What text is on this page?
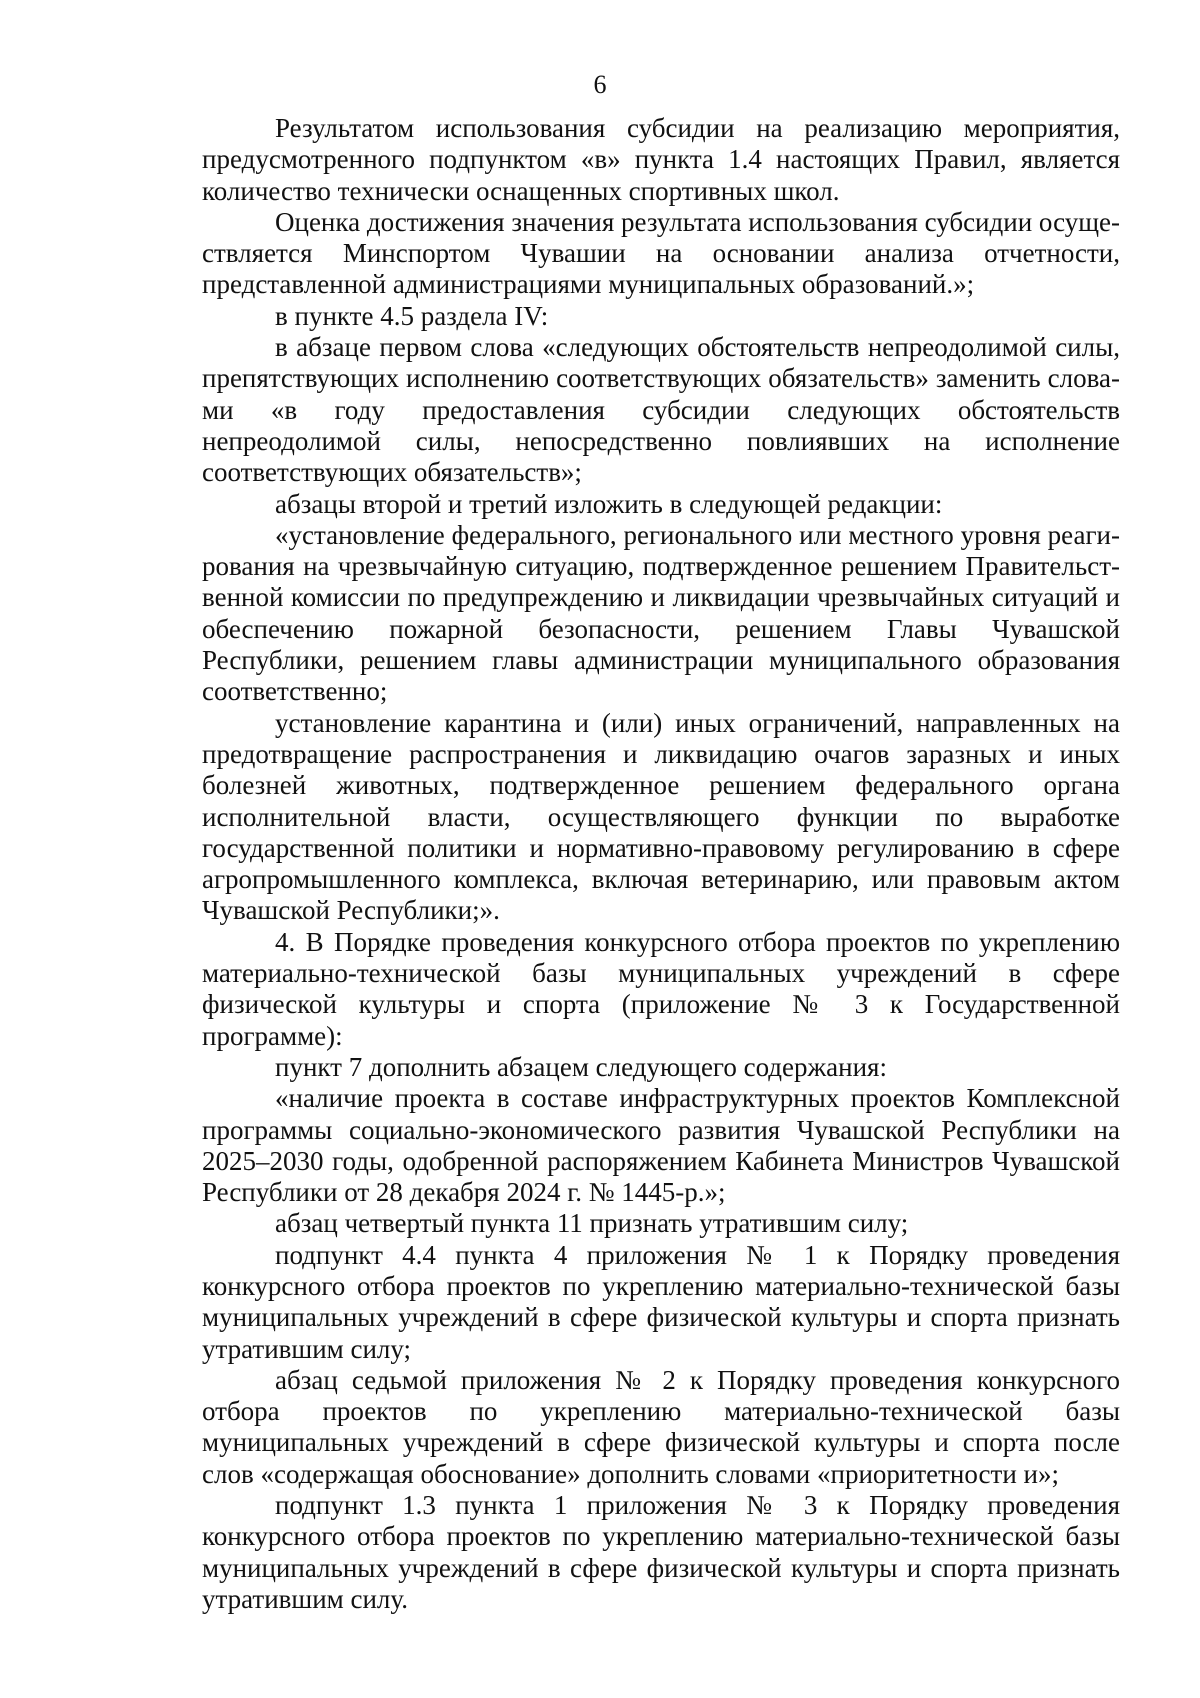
6

Результатом использования субсидии на реализацию мероприятия, предусмотренного подпунктом «в» пункта 1.4 настоящих Правил, является количество технически оснащенных спортивных школ.

Оценка достижения значения результата использования субсидии осуществляется Минспортом Чувашии на основании анализа отчетности, представленной администрациями муниципальных образований.»;

в пункте 4.5 раздела IV:

в абзаце первом слова «следующих обстоятельств непреодолимой силы, препятствующих исполнению соответствующих обязательств» заменить словами «в году предоставления субсидии следующих обстоятельств непреодолимой силы, непосредственно повлиявших на исполнение соответствующих обязательств»;

абзацы второй и третий изложить в следующей редакции:

«установление федерального, регионального или местного уровня реагирования на чрезвычайную ситуацию, подтвержденное решением Правительственной комиссии по предупреждению и ликвидации чрезвычайных ситуаций и обеспечению пожарной безопасности, решением Главы Чувашской Республики, решением главы администрации муниципального образования соответственно;

установление карантина и (или) иных ограничений, направленных на предотвращение распространения и ликвидацию очагов заразных и иных болезней животных, подтвержденное решением федерального органа исполнительной власти, осуществляющего функции по выработке государственной политики и нормативно-правовому регулированию в сфере агропромышленного комплекса, включая ветеринарию, или правовым актом Чувашской Республики;».

4. В Порядке проведения конкурсного отбора проектов по укреплению материально-технической базы муниципальных учреждений в сфере физической культуры и спорта (приложение № 3 к Государственной программе):

пункт 7 дополнить абзацем следующего содержания:

«наличие проекта в составе инфраструктурных проектов Комплексной программы социально-экономического развития Чувашской Республики на 2025–2030 годы, одобренной распоряжением Кабинета Министров Чувашской Республики от 28 декабря 2024 г. № 1445-р.»;

абзац четвертый пункта 11 признать утратившим силу;

подпункт 4.4 пункта 4 приложения № 1 к Порядку проведения конкурсного отбора проектов по укреплению материально-технической базы муниципальных учреждений в сфере физической культуры и спорта признать утратившим силу;

абзац седьмой приложения № 2 к Порядку проведения конкурсного отбора проектов по укреплению материально-технической базы муниципальных учреждений в сфере физической культуры и спорта после слов «содержащая обоснование» дополнить словами «приоритетности и»;

подпункт 1.3 пункта 1 приложения № 3 к Порядку проведения конкурсного отбора проектов по укреплению материально-технической базы муниципальных учреждений в сфере физической культуры и спорта признать утратившим силу.
